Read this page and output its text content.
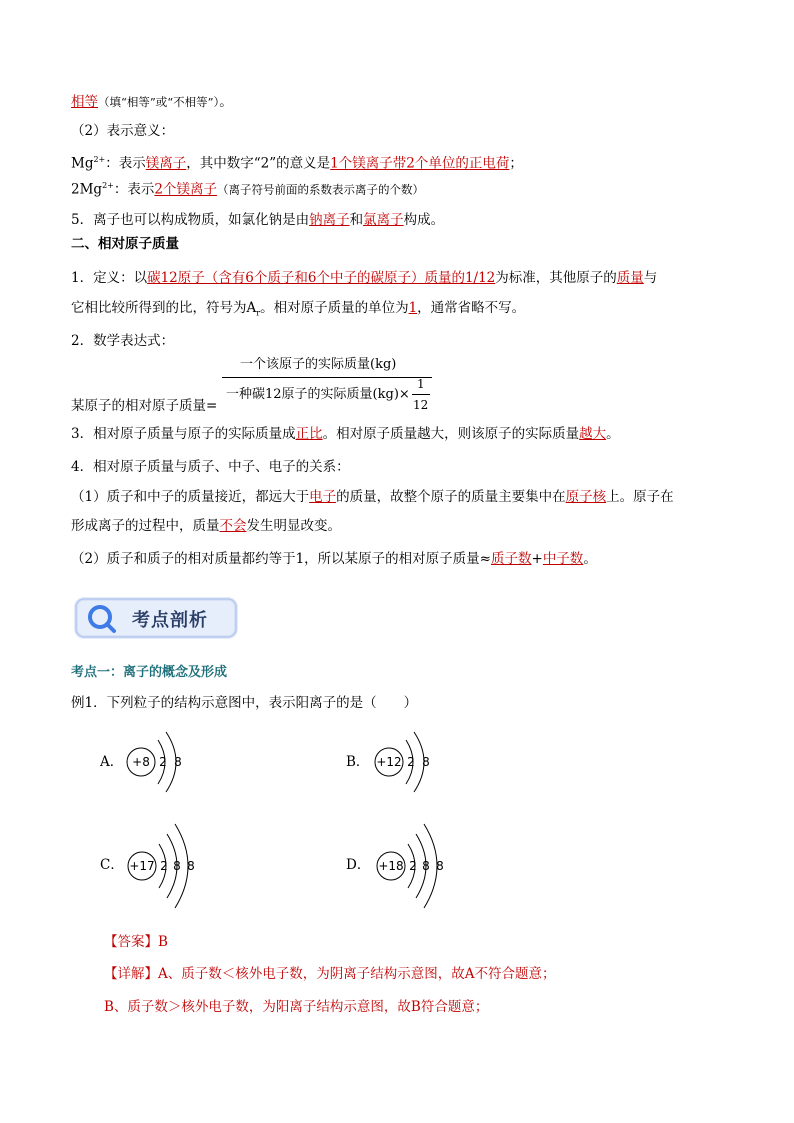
相等（填“相等”或“不相等”）。
（2）表示意义：
$Mg^{2+}$：表示镁离子，其中数字“2”的意义是1个镁离子带2个单位的正电荷；
$2Mg^{2+}$：表示2个镁离子（离子符号前面的系数表示离子的个数）
5．离子也可以构成物质，如氯化钠是由钠离子和氯离子构成。
二、相对原子质量
1．定义：以碳12原子（含有6个质子和6个中子的碳原子）质量的1/12为标准，其他原子的质量与
它相比较所得到的比，符号为$A_r$。相对原子质量的单位为1，通常省略不写。
2．数学表达式：
某原子的相对原子质量=
一个该原子的实际质量(kg)
一种碳12原子的实际质量(kg)×
1
12
3．相对原子质量与原子的实际质量成正比。相对原子质量越大，则该原子的实际质量越大。
4．相对原子质量与质子、中子、电子的关系：
（1）质子和中子的质量接近，都远大于电子的质量，故整个原子的质量主要集中在原子核上。原子在
形成离子的过程中，质量不会发生明显改变。
（2）质子和质子的相对质量都约等于1，所以某原子的相对原子质量≈质子数+中子数。
考点剖析
考点一：离子的概念及形成
例1．下列粒子的结构示意图中，表示阳离子的是（　　）
A． +8 2 8	B． +12 2 8
C． +17 2 8 8	D． +18 2 8 8
【答案】B
【详解】A、质子数＜核外电子数，为阴离子结构示意图，故A不符合题意；
B、质子数＞核外电子数，为阳离子结构示意图，故B符合题意；
